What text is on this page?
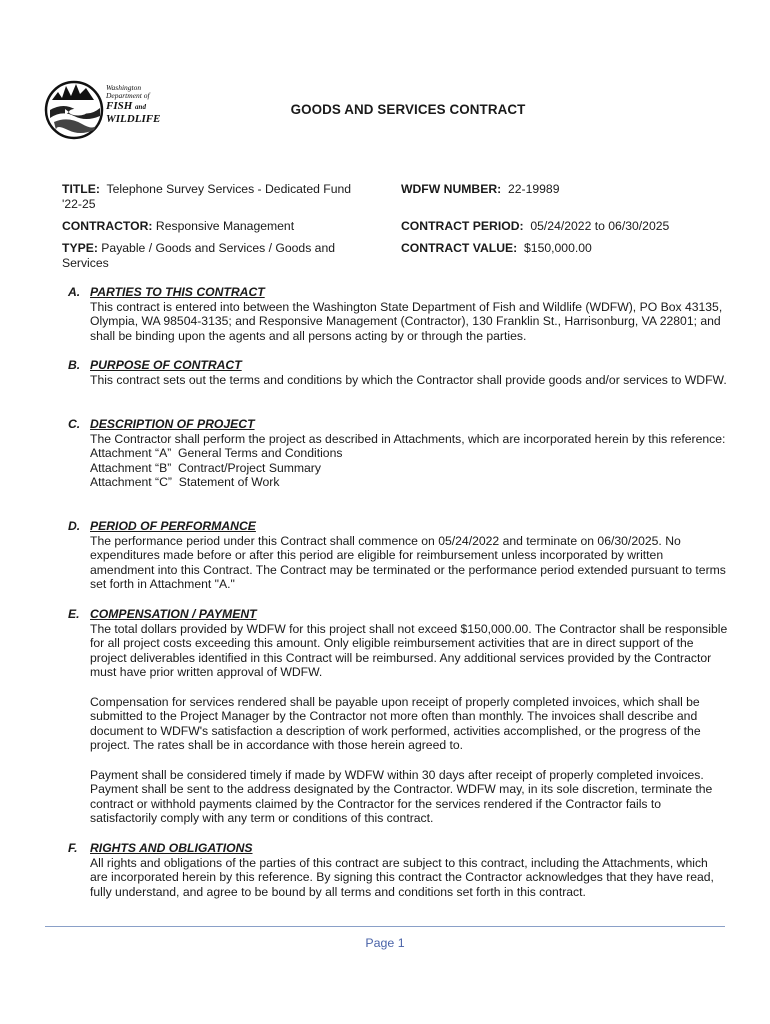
Washington
Department of
FISH and
WILDLIFE
GOODS AND SERVICES CONTRACT
TITLE: Telephone Survey Services - Dedicated Fund '22-25
WDFW NUMBER: 22-19989
CONTRACTOR: Responsive Management	CONTRACT PERIOD: 05/24/2022 to 06/30/2025
TYPE: Payable / Goods and Services / Goods and Services
CONTRACT VALUE: $150,000.00
A. PARTIES TO THIS CONTRACT

This contract is entered into between the Washington State Department of Fish and Wildlife (WDFW), PO Box 43135, Olympia, WA 98504-3135; and Responsive Management (Contractor), 130 Franklin St., Harrisonburg, VA 22801; and shall be binding upon the agents and all persons acting by or through the parties.

B. PURPOSE OF CONTRACT

This contract sets out the terms and conditions by which the Contractor shall provide goods and/or services to WDFW.

C. DESCRIPTION OF PROJECT

The Contractor shall perform the project as described in Attachments, which are incorporated herein by this reference:

Attachment “A”  General Terms and Conditions
Attachment “B”  Contract/Project Summary
Attachment “C”  Statement of Work
D. PERIOD OF PERFORMANCE

The performance period under this Contract shall commence on 05/24/2022 and terminate on 06/30/2025. No expenditures made before or after this period are eligible for reimbursement unless incorporated by written amendment into this Contract. The Contract may be terminated or the performance period extended pursuant to terms set forth in Attachment "A."

E. COMPENSATION / PAYMENT

The total dollars provided by WDFW for this project shall not exceed $150,000.00. The Contractor shall be responsible for all project costs exceeding this amount. Only eligible reimbursement activities that are in direct support of the project deliverables identified in this Contract will be reimbursed. Any additional services provided by the Contractor must have prior written approval of WDFW.

Compensation for services rendered shall be payable upon receipt of properly completed invoices, which shall be submitted to the Project Manager by the Contractor not more often than monthly. The invoices shall describe and document to WDFW's satisfaction a description of work performed, activities accomplished, or the progress of the project. The rates shall be in accordance with those herein agreed to.

Payment shall be considered timely if made by WDFW within 30 days after receipt of properly completed invoices. Payment shall be sent to the address designated by the Contractor. WDFW may, in its sole discretion, terminate the contract or withhold payments claimed by the Contractor for the services rendered if the Contractor fails to satisfactorily comply with any term or conditions of this contract.

F.	RIGHTS AND OBLIGATIONS

All rights and obligations of the parties of this contract are subject to this contract, including the Attachments, which are incorporated herein by this reference. By signing this contract the Contractor acknowledges that they have read, fully understand, and agree to be bound by all terms and conditions set forth in this contract.

Page 1
